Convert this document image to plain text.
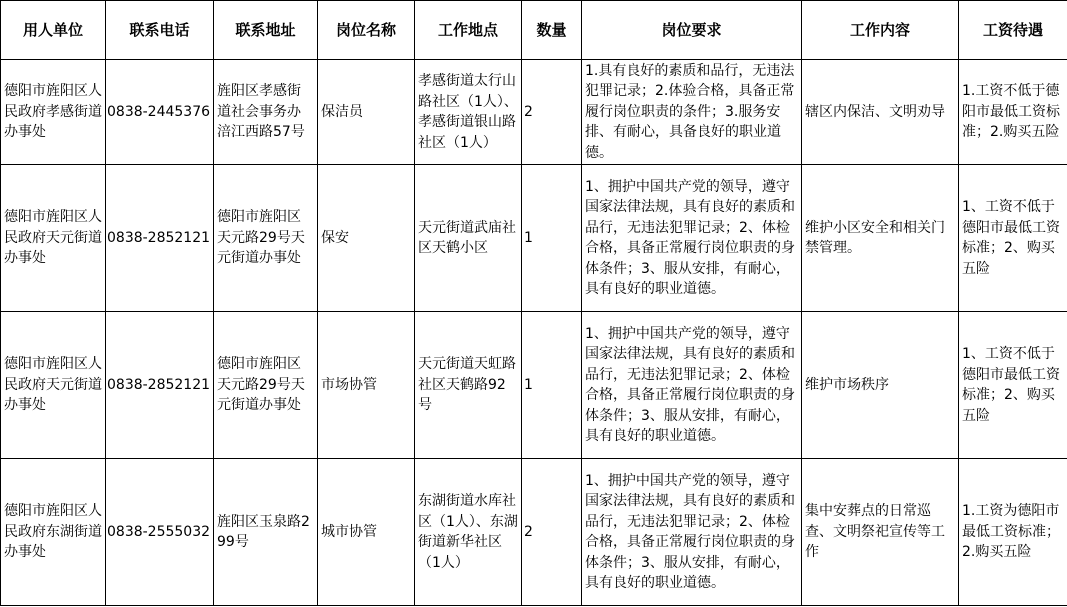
用人单位	联系电话	联系地址	岗位名称	工作地点	数量	岗位要求	工作内容	工资待遇
德阳市旌阳区人民政府孝感街道办事处	0838-2445376	旌阳区孝感街道社会事务办涪江西路57号	保洁员	孝感街道太行山路社区（1人）、孝感街道银山路社区（1人）	2	1.具有良好的素质和品行，无违法犯罪记录；2.体验合格，具备正常履行岗位职责的条件；3.服务安排、有耐心，具备良好的职业道德。	辖区内保洁、文明劝导	1.工资不低于德阳市最低工资标准；2.购买五险
德阳市旌阳区人民政府天元街道办事处	0838-2852121	德阳市旌阳区天元路29号天元街道办事处	保安	天元街道武庙社区天鹤小区	1	1、拥护中国共产党的领导，遵守国家法律法规，具有良好的素质和品行，无违法犯罪记录；2、体检合格，具备正常履行岗位职责的身体条件；3、服从安排，有耐心，具有良好的职业道德。	维护小区安全和相关门禁管理。	1、工资不低于德阳市最低工资标准；2、购买五险
德阳市旌阳区人民政府天元街道办事处	0838-2852121	德阳市旌阳区天元路29号天元街道办事处	市场协管	天元街道天虹路社区天鹤路92号	1	1、拥护中国共产党的领导，遵守国家法律法规，具有良好的素质和品行，无违法犯罪记录；2、体检合格，具备正常履行岗位职责的身体条件；3、服从安排，有耐心，具有良好的职业道德。	维护市场秩序	1、工资不低于德阳市最低工资标准；2、购买五险
德阳市旌阳区人民政府东湖街道办事处	0838-2555032	旌阳区玉泉路299号	城市协管	东湖街道水库社区（1人）、东湖街道新华社区（1人）	2	1、拥护中国共产党的领导，遵守国家法律法规，具有良好的素质和品行，无违法犯罪记录；2、体检合格，具备正常履行岗位职责的身体条件；3、服从安排，有耐心，具有良好的职业道德。	集中安葬点的日常巡查、文明祭祀宣传等工作	1.工资为德阳市最低工资标准；2.购买五险
